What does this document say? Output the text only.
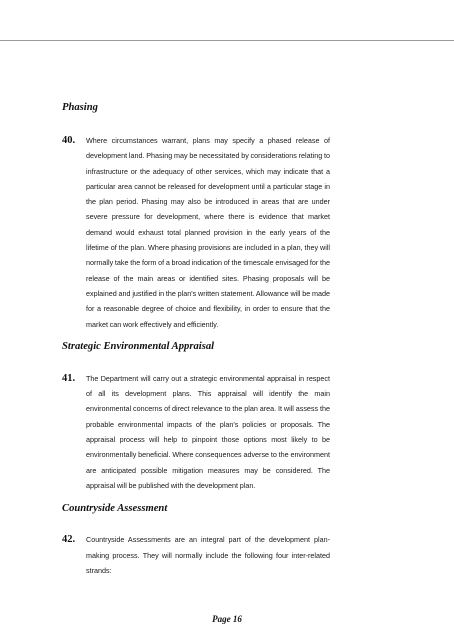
Phasing
40.	Where circumstances warrant, plans may specify a phased release of development land. Phasing may be necessitated by considerations relating to infrastructure or the adequacy of other services, which may indicate that a particular area cannot be released for development until a particular stage in the plan period. Phasing may also be introduced in areas that are under severe pressure for development, where there is evidence that market demand would exhaust total planned provision in the early years of the lifetime of the plan. Where phasing provisions are included in a plan, they will normally take the form of a broad indication of the timescale envisaged for the release of the main areas or identified sites. Phasing proposals will be explained and justified in the plan's written statement. Allowance will be made for a reasonable degree of choice and flexibility, in order to ensure that the market can work effectively and efficiently.
Strategic Environmental Appraisal
41.	The Department will carry out a strategic environmental appraisal in respect of all its development plans. This appraisal will identify the main environmental concerns of direct relevance to the plan area. It will assess the probable environmental impacts of the plan's policies or proposals. The appraisal process will help to pinpoint those options most likely to be environmentally beneficial. Where consequences adverse to the environment are anticipated possible mitigation measures may be considered. The appraisal will be published with the development plan.
Countryside Assessment
42.	Countryside Assessments are an integral part of the development plan-making process. They will normally include the following four inter-related strands:
Page 16
